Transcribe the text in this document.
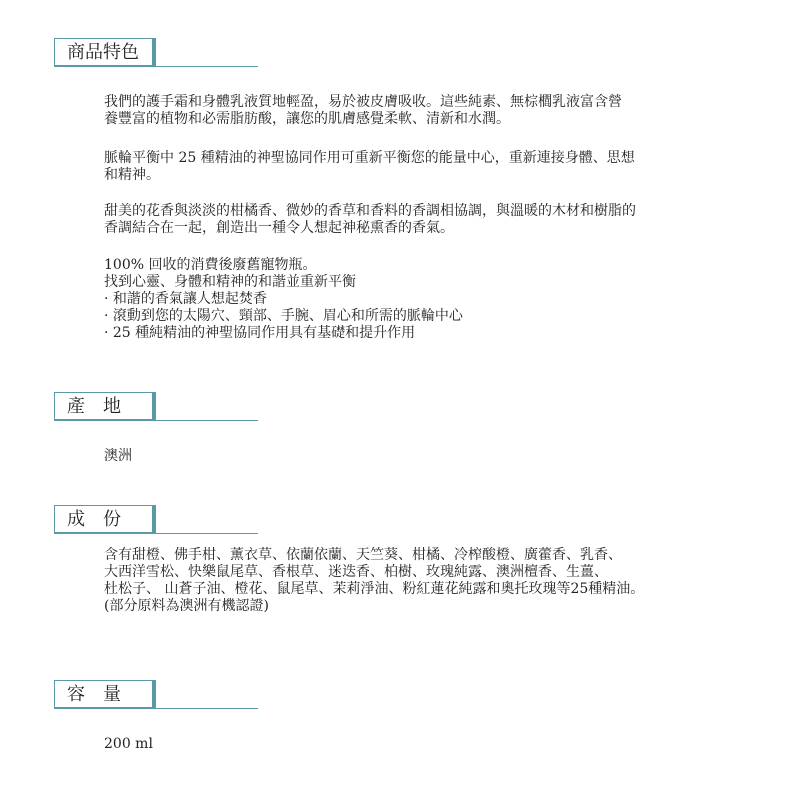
商品特色
我們的護手霜和身體乳液質地輕盈，易於被皮膚吸收。這些純素、無棕櫚乳液富含營
養豐富的植物和必需脂肪酸，讓您的肌膚感覺柔軟、清新和水潤。
脈輪平衡中 25 種精油的神聖協同作用可重新平衡您的能量中心，重新連接身體、思想
和精神。
甜美的花香與淡淡的柑橘香、微妙的香草和香料的香調相協調，與溫暖的木材和樹脂的
香調結合在一起，創造出一種令人想起神秘熏香的香氣。
100% 回收的消費後廢舊寵物瓶。
找到心靈、身體和精神的和諧並重新平衡
· 和諧的香氣讓人想起焚香
· 滾動到您的太陽穴、頸部、手腕、眉心和所需的脈輪中心
· 25 種純精油的神聖協同作用具有基礎和提升作用
產　地
澳洲
成　份
含有甜橙、佛手柑、薰衣草、依蘭依蘭、天竺葵、柑橘、冷榨酸橙、廣藿香、乳香、
大西洋雪松、快樂鼠尾草、香根草、迷迭香、柏樹、玫瑰純露、澳洲檀香、生薑、
杜松子、 山蒼子油、橙花、鼠尾草、茉莉淨油、粉紅蓮花純露和奧托玫瑰等25種精油。
(部分原料為澳洲有機認證)
容　量
200 ml
